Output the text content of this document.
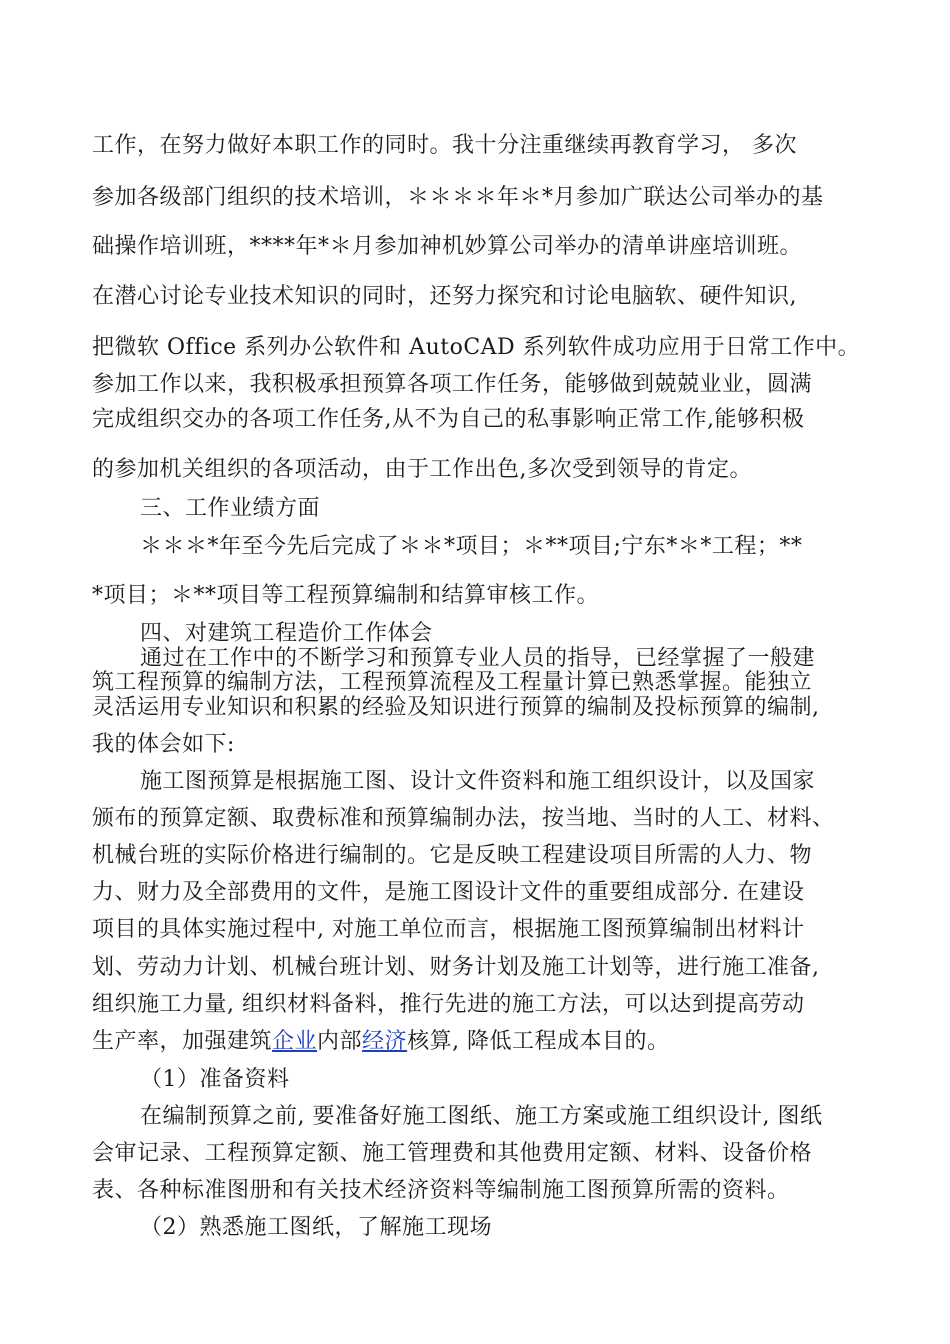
工作，在努力做好本职工作的同时。我十分注重继续再教育学习， 多次
参加各级部门组织的技术培训，＊＊＊＊年＊*月参加广联达公司举办的基
础操作培训班，****年*＊月参加神机妙算公司举办的清单讲座培训班。
在潜心讨论专业技术知识的同时，还努力探究和讨论电脑软、硬件知识,
把微软 Office 系列办公软件和 AutoCAD 系列软件成功应用于日常工作中。
参加工作以来，我积极承担预算各项工作任务，能够做到兢兢业业，圆满
完成组织交办的各项工作任务,从不为自己的私事影响正常工作,能够积极
的参加机关组织的各项活动，由于工作出色,多次受到领导的肯定。
三、工作业绩方面
＊＊＊*年至今先后完成了＊＊*项目；＊**项目;宁东*＊*工程；**
*项目；＊**项目等工程预算编制和结算审核工作。
四、对建筑工程造价工作体会
通过在工作中的不断学习和预算专业人员的指导，已经掌握了一般建
筑工程预算的编制方法，工程预算流程及工程量计算已熟悉掌握。能独立
灵活运用专业知识和积累的经验及知识进行预算的编制及投标预算的编制,
我的体会如下:
施工图预算是根据施工图、设计文件资料和施工组织设计，以及国家
颁布的预算定额、取费标准和预算编制办法，按当地、当时的人工、材料、
机械台班的实际价格进行编制的。它是反映工程建设项目所需的人力、物
力、财力及全部费用的文件，是施工图设计文件的重要组成部分. 在建设
项目的具体实施过程中, 对施工单位而言，根据施工图预算编制出材料计
划、劳动力计划、机械台班计划、财务计划及施工计划等，进行施工准备,
组织施工力量, 组织材料备料，推行先进的施工方法，可以达到提高劳动
生产率，加强建筑企业内部经济核算, 降低工程成本目的。
（1）准备资料
在编制预算之前, 要准备好施工图纸、施工方案或施工组织设计, 图纸
会审记录、工程预算定额、施工管理费和其他费用定额、材料、设备价格
表、各种标准图册和有关技术经济资料等编制施工图预算所需的资料。
（2）熟悉施工图纸，了解施工现场
